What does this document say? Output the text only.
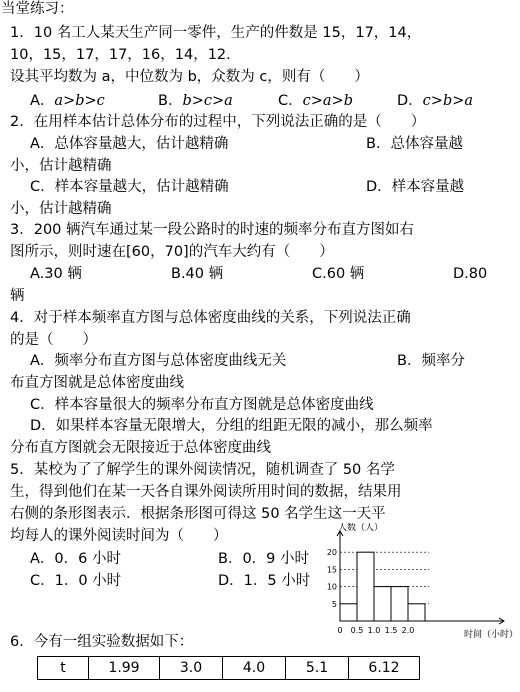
当堂练习：
1．10 名工人某天生产同一零件，生产的件数是 15，17，14，
10，15，17，17，16，14，12．
设其平均数为 a，中位数为 b，众数为 c，则有（　　）
A．a>b>c	B．b>c>a	C．c>a>b	D．c>b>a
2．在用样本估计总体分布的过程中，下列说法正确的是（　　）
A．总体容量越大，估计越精确	B．总体容量越
小，估计越精确
C．样本容量越大，估计越精确	D．样本容量越
小，估计越精确
3．200 辆汽车通过某一段公路时的时速的频率分布直方图如右
图所示，则时速在[60，70]的汽车大约有（　　）
A.30 辆	B.40 辆	C.60 辆	D.80
辆
4．对于样本频率直方图与总体密度曲线的关系，下列说法正确
的是（　　）
A．频率分布直方图与总体密度曲线无关	B．频率分
布直方图就是总体密度曲线
C．样本容量很大的频率分布直方图就是总体密度曲线
D．如果样本容量无限增大，分组的组距无限的减小，那么频率
分布直方图就会无限接近于总体密度曲线
5．某校为了了解学生的课外阅读情况，随机调查了 50 名学
生，得到他们在某一天各自课外阅读所用时间的数据，结果用
右侧的条形图表示．根据条形图可得这 50 名学生这一天平
均每人的课外阅读时间为（　　）
A．0．6 小时	B．0．9 小时
C．1．0 小时	D．1．5 小时
5
10
15
20
0 0.5 1.0 1.5 2.0
人数（人）
时间（小时）
6．今有一组实验数据如下：
t	1.99	3.0	4.0	5.1	6.12
